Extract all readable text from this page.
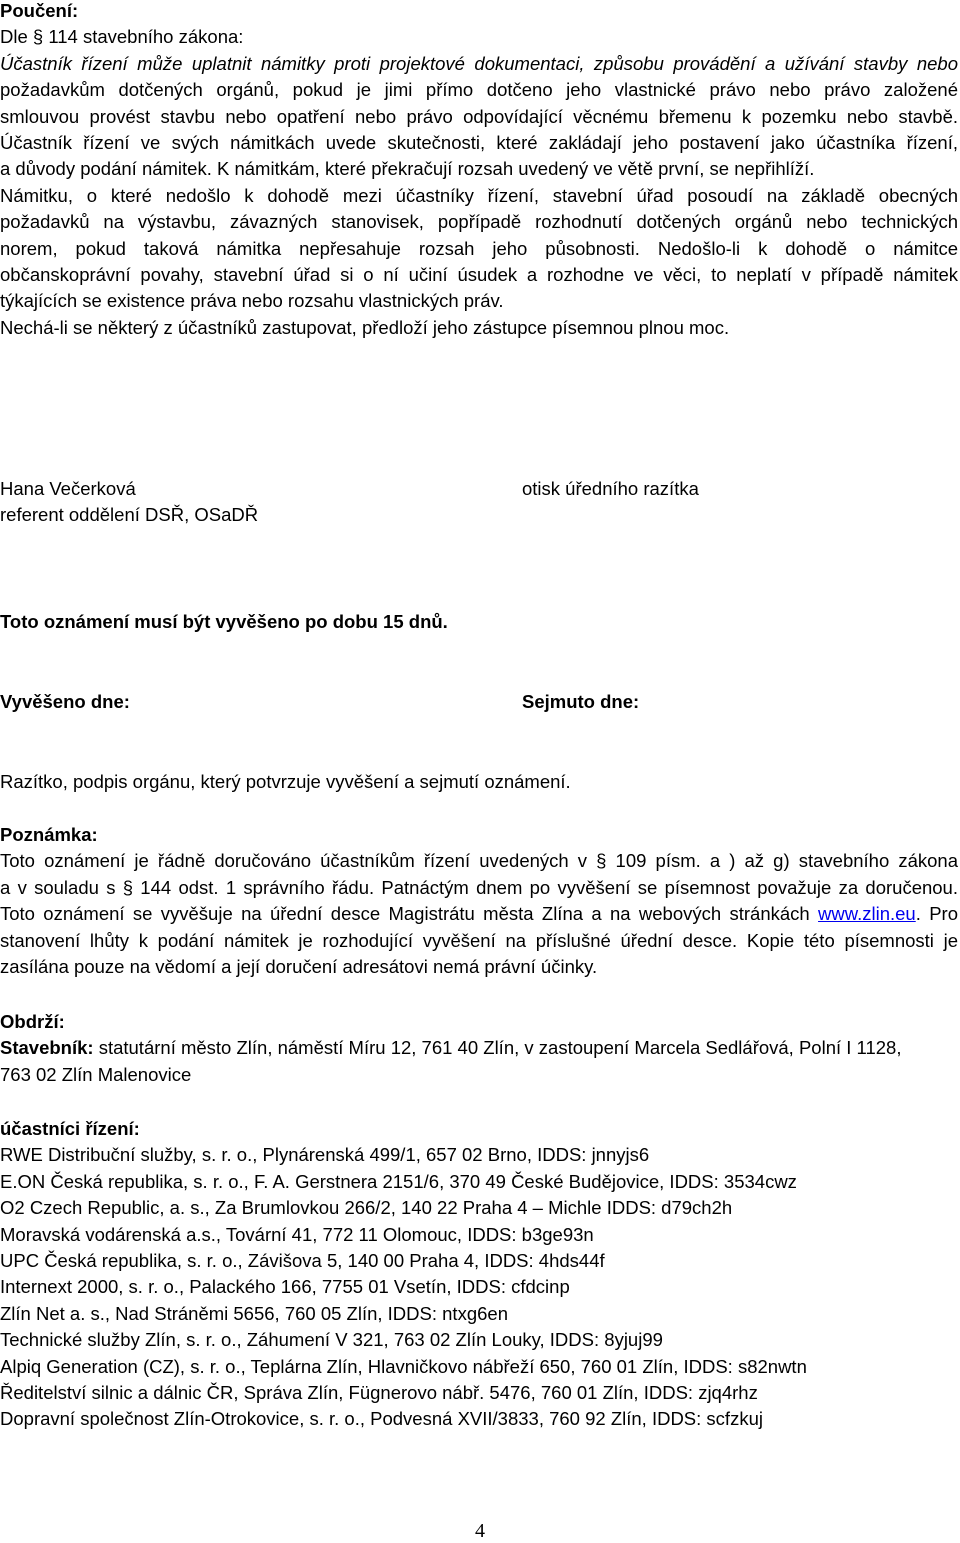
Poučení:
Dle § 114 stavebního zákona:
Účastník řízení může uplatnit námitky proti projektové dokumentaci, způsobu provádění a užívání stavby nebo
požadavkům dotčených orgánů, pokud je jimi přímo dotčeno jeho vlastnické právo nebo právo založené
smlouvou provést stavbu nebo opatření nebo právo odpovídající věcnému břemenu k pozemku nebo stavbě.
Účastník řízení ve svých námitkách uvede skutečnosti, které zakládají jeho postavení jako účastníka řízení,
a důvody podání námitek. K námitkám, které překračují rozsah uvedený ve větě první, se nepřihlíží.
Námitku, o které nedošlo k dohodě mezi účastníky řízení, stavební úřad posoudí na základě obecných
požadavků na výstavbu, závazných stanovisek, popřípadě rozhodnutí dotčených orgánů nebo technických
norem, pokud taková námitka nepřesahuje rozsah jeho působnosti. Nedošlo-li k dohodě o námitce
občanskoprávní povahy, stavební úřad si o ní učiní úsudek a rozhodne ve věci, to neplatí v případě námitek
týkajících se existence práva nebo rozsahu vlastnických práv.
Nechá-li se některý z účastníků zastupovat, předloží jeho zástupce písemnou plnou moc.
Hana Večerková
referent oddělení DSŘ, OSaDŘ
otisk úředního razítka
Toto oznámení musí být vyvěšeno po dobu 15 dnů.
Vyvěšeno dne:	Sejmuto dne:
Razítko, podpis orgánu, který potvrzuje vyvěšení a sejmutí oznámení.
Poznámka:
Toto oznámení je řádně doručováno účastníkům řízení uvedených v § 109 písm. a ) až g) stavebního zákona
a v souladu s § 144 odst. 1 správního řádu. Patnáctým dnem po vyvěšení se písemnost považuje za doručenou.
Toto oznámení se vyvěšuje na úřední desce Magistrátu města Zlína a na webových stránkách www.zlin.eu. Pro
stanovení lhůty k podání námitek je rozhodující vyvěšení na příslušné úřední desce. Kopie této písemnosti je
zasílána pouze na vědomí a její doručení adresátovi nemá právní účinky.
Obdrží:
Stavebník: statutární město Zlín, náměstí Míru 12, 761 40 Zlín, v zastoupení Marcela Sedlářová, Polní I 1128,
763 02 Zlín Malenovice
účastníci řízení:
RWE Distribuční služby, s. r. o., Plynárenská 499/1, 657 02 Brno, IDDS: jnnyjs6
E.ON Česká republika, s. r. o., F. A. Gerstnera 2151/6, 370 49 České Budějovice, IDDS: 3534cwz
O2 Czech Republic, a. s., Za Brumlovkou 266/2, 140 22 Praha 4 – Michle IDDS: d79ch2h
Moravská vodárenská a.s., Tovární 41, 772 11 Olomouc, IDDS: b3ge93n
UPC Česká republika, s. r. o., Závišova 5, 140 00 Praha 4, IDDS: 4hds44f
Internext 2000, s. r. o., Palackého 166, 7755 01 Vsetín, IDDS: cfdcinp
Zlín Net a. s., Nad Stráněmi 5656, 760 05 Zlín, IDDS: ntxg6en
Technické služby Zlín, s. r. o., Záhumení V 321, 763 02 Zlín Louky, IDDS: 8yjuj99
Alpiq Generation (CZ), s. r. o., Teplárna Zlín, Hlavničkovo nábřeží 650, 760 01 Zlín, IDDS: s82nwtn
Ředitelství silnic a dálnic ČR, Správa Zlín, Fügnerovo nábř. 5476, 760 01 Zlín, IDDS: zjq4rhz
Dopravní společnost Zlín-Otrokovice, s. r. o., Podvesná XVII/3833, 760 92 Zlín, IDDS: scfzkuj
4
